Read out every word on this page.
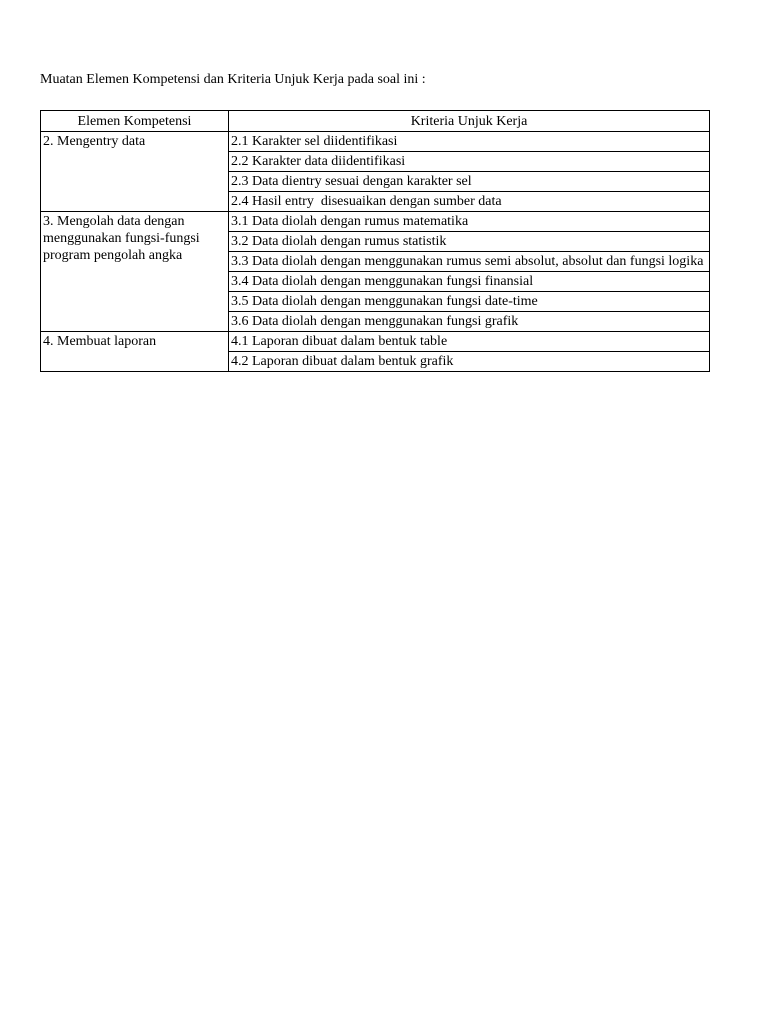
Muatan Elemen Kompetensi dan Kriteria Unjuk Kerja pada soal ini :
Elemen Kompetensi	Kriteria Unjuk Kerja
2. Mengentry data	2.1 Karakter sel diidentifikasi
	2.2 Karakter data diidentifikasi
	2.3 Data dientry sesuai dengan karakter sel
	2.4 Hasil entry  disesuaikan dengan sumber data
3. Mengolah data dengan menggunakan fungsi-fungsi program pengolah angka	3.1 Data diolah dengan rumus matematika
	3.2 Data diolah dengan rumus statistik
	3.3 Data diolah dengan menggunakan rumus semi absolut, absolut dan fungsi logika
	3.4 Data diolah dengan menggunakan fungsi finansial
	3.5 Data diolah dengan menggunakan fungsi date-time
	3.6 Data diolah dengan menggunakan fungsi grafik
4. Membuat laporan	4.1 Laporan dibuat dalam bentuk table
	4.2 Laporan dibuat dalam bentuk grafik
